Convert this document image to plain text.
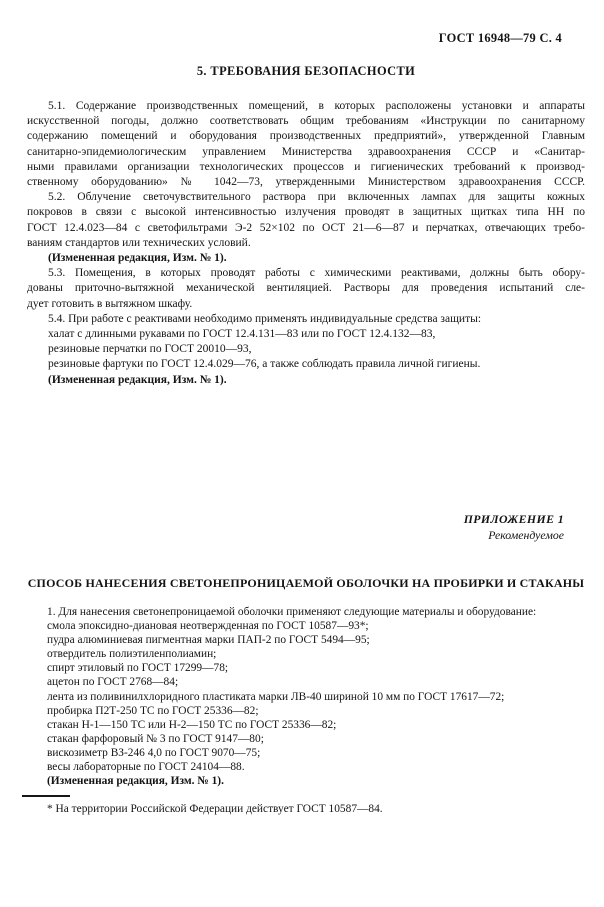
ГОСТ 16948—79 С. 4
5. ТРЕБОВАНИЯ БЕЗОПАСНОСТИ
5.1. Содержание производственных помещений, в которых расположены установки и аппараты
искусственной погоды, должно соответствовать общим требованиям «Инструкции по санитарному
содержанию помещений и оборудования производственных предприятий», утвержденной Главным
санитарно-эпидемиологическим управлением Министерства здравоохранения СССР и «Санитар-
ными правилами организации технологических процессов и гигиенических требований к производ-
ственному оборудованию» № 1042—73, утвержденными Министерством здравоохранения СССР.
5.2. Облучение светочувствительного раствора при включенных лампах для защиты кожных
покровов в связи с высокой интенсивностью излучения проводят в защитных щитках типа НН по
ГОСТ 12.4.023—84 с светофильтрами Э-2 52×102 по ОСТ 21—6—87 и перчатках, отвечающих требо-
ваниям стандартов или технических условий.
(Измененная редакция, Изм. № 1).
5.3. Помещения, в которых проводят работы с химическими реактивами, должны быть обору-
дованы приточно-вытяжной механической вентиляцией. Растворы для проведения испытаний сле-
дует готовить в вытяжном шкафу.
5.4. При работе с реактивами необходимо применять индивидуальные средства защиты:
халат с длинными рукавами по ГОСТ 12.4.131—83 или по ГОСТ 12.4.132—83,
резиновые перчатки по ГОСТ 20010—93,
резиновые фартуки по ГОСТ 12.4.029—76, а также соблюдать правила личной гигиены.
(Измененная редакция, Изм. № 1).
ПРИЛОЖЕНИЕ 1
Рекомендуемое
СПОСОБ НАНЕСЕНИЯ СВЕТОНЕПРОНИЦАЕМОЙ ОБОЛОЧКИ НА ПРОБИРКИ И СТАКАНЫ
1. Для нанесения светонепроницаемой оболочки применяют следующие материалы и оборудование:
смола эпоксидно-диановая неотвержденная по ГОСТ 10587—93*;
пудра алюминиевая пигментная марки ПАП-2 по ГОСТ 5494—95;
отвердитель полиэтиленполиамин;
спирт этиловый по ГОСТ 17299—78;
ацетон по ГОСТ 2768—84;
лента из поливинилхлоридного пластиката марки ЛВ-40 шириной 10 мм по ГОСТ 17617—72;
пробирка П2Т-250 ТС по ГОСТ 25336—82;
стакан Н-1—150 ТС или Н-2—150 ТС по ГОСТ 25336—82;
стакан фарфоровый № 3 по ГОСТ 9147—80;
вискозиметр ВЗ-246 4,0 по ГОСТ 9070—75;
весы лабораторные по ГОСТ 24104—88.
(Измененная редакция, Изм. № 1).
* На территории Российской Федерации действует ГОСТ 10587—84.
